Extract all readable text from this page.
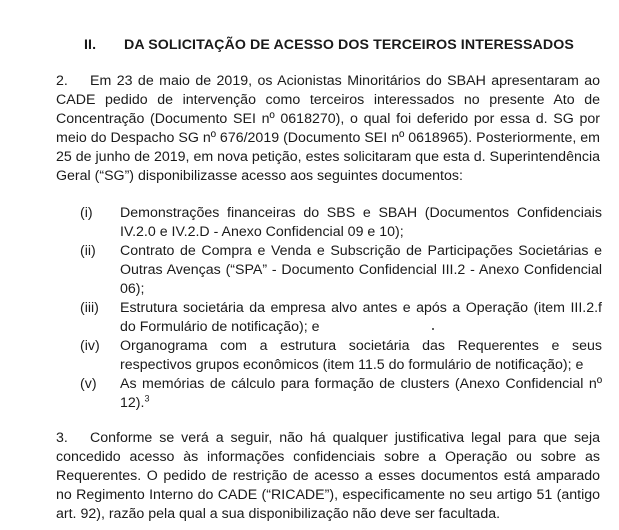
II. DA SOLICITAÇÃO DE ACESSO DOS TERCEIROS INTERESSADOS
2. Em 23 de maio de 2019, os Acionistas Minoritários do SBAH apresentaram ao CADE pedido de intervenção como terceiros interessados no presente Ato de Concentração (Documento SEI nº 0618270), o qual foi deferido por essa d. SG por meio do Despacho SG nº 676/2019 (Documento SEI nº 0618965). Posteriormente, em 25 de junho de 2019, em nova petição, estes solicitaram que esta d. Superintendência Geral (“SG”) disponibilizasse acesso aos seguintes documentos:
(i)	Demonstrações financeiras do SBS e SBAH (Documentos Confidenciais IV.2.0 e IV.2.D - Anexo Confidencial 09 e 10);
(ii)	Contrato de Compra e Venda e Subscrição de Participações Societárias e Outras Avenças (“SPA” - Documento Confidencial III.2 - Anexo Confidencial 06);
(iii)	Estrutura societária da empresa alvo antes e após a Operação (item III.2.f do Formulário de notificação); e
(iv)	Organograma com a estrutura societária das Requerentes e seus respectivos grupos econômicos (item 11.5 do formulário de notificação); e
(v)	As memórias de cálculo para formação de clusters (Anexo Confidencial nº 12).$^3$
3. Conforme se verá a seguir, não há qualquer justificativa legal para que seja concedido acesso às informações confidenciais sobre a Operação ou sobre as Requerentes. O pedido de restrição de acesso a esses documentos está amparado no Regimento Interno do CADE (“RICADE”), especificamente no seu artigo 51 (antigo art. 92), razão pela qual a sua disponibilização não deve ser facultada.
